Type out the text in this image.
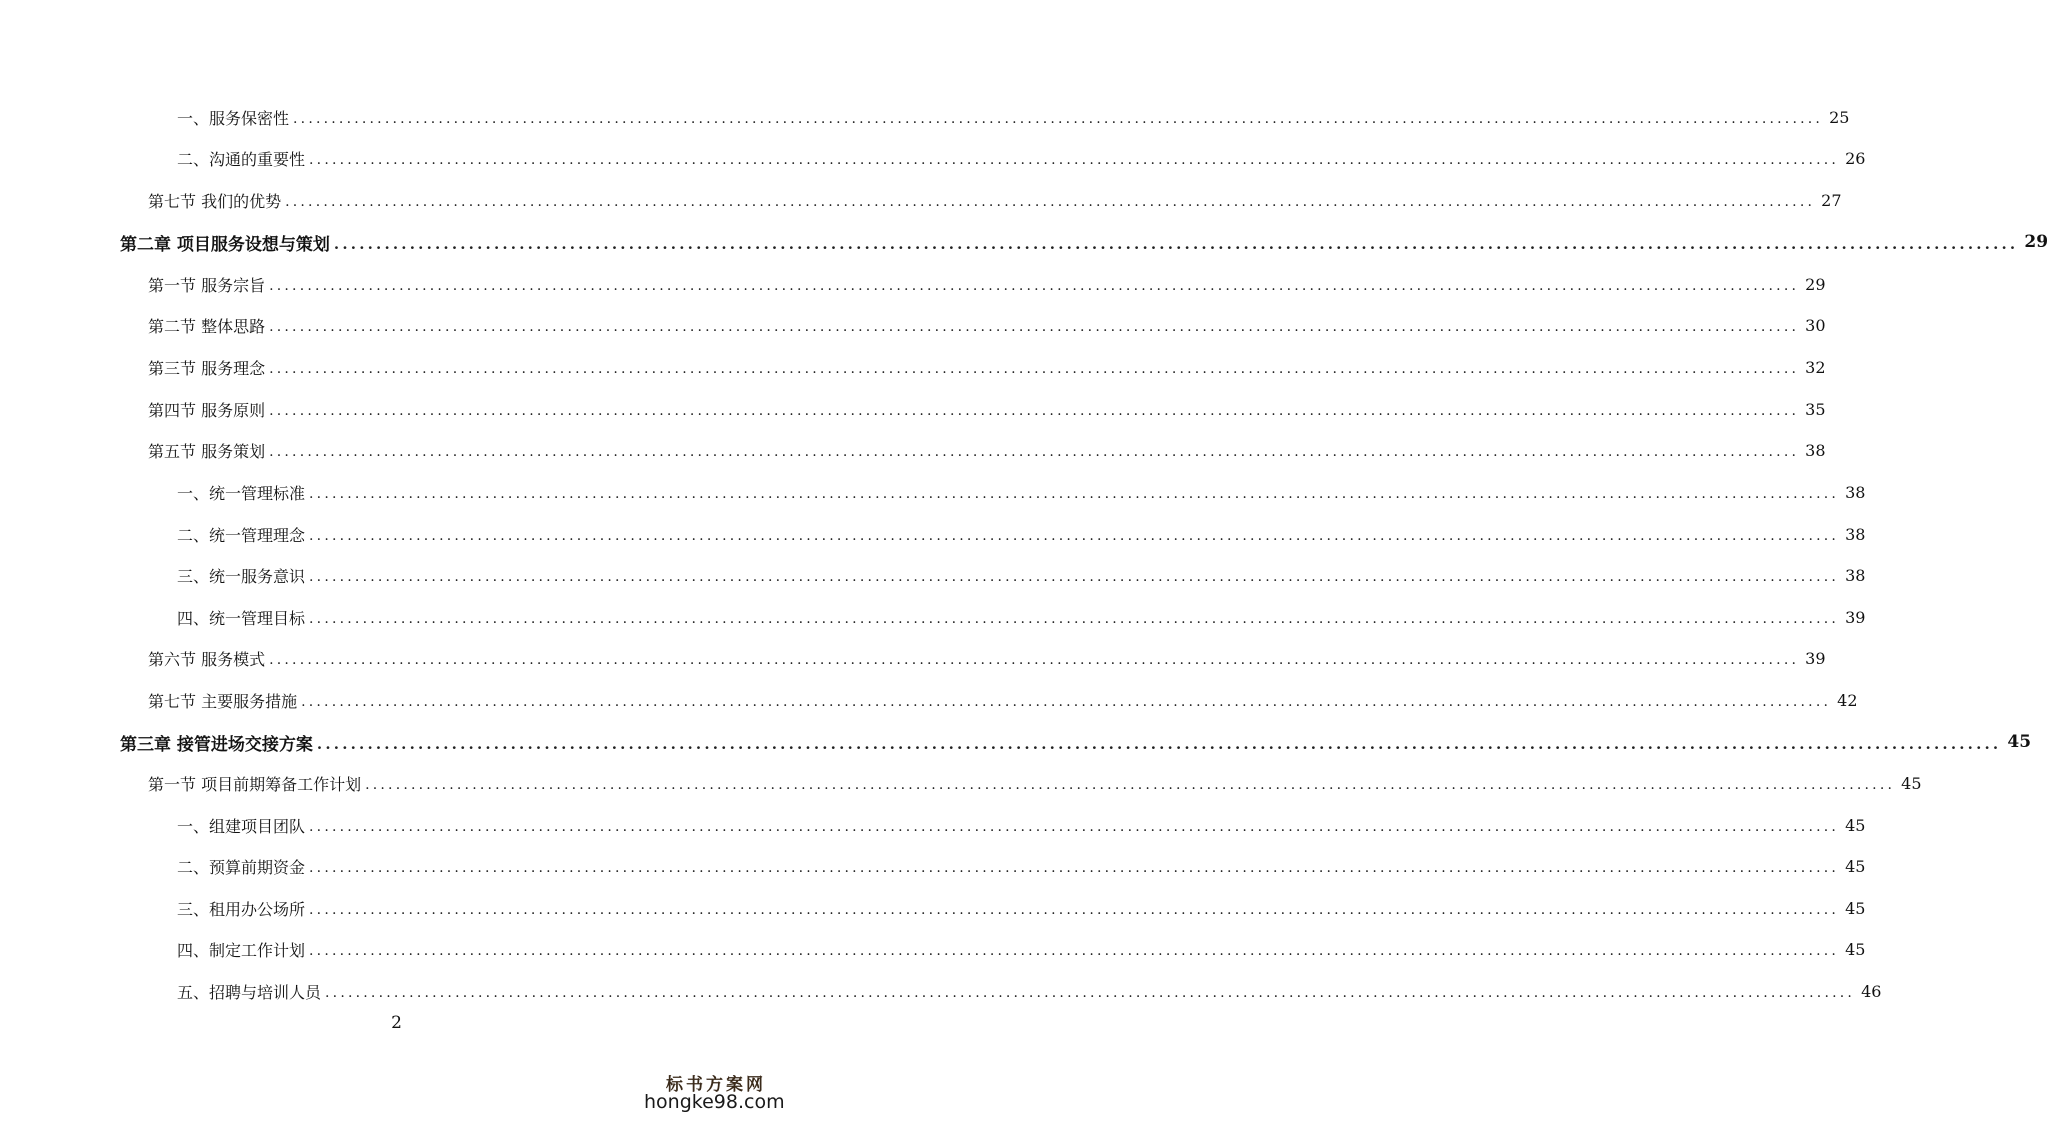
一、服务保密性 ........................................................................................................................................................................................................ 25
二、沟通的重要性 ........................................................................................................................................................................................................ 26
第七节 我们的优势 ........................................................................................................................................................................................................ 27
第二章 项目服务设想与策划 ........................................................................................................................................................................................................ 29
第一节 服务宗旨 ........................................................................................................................................................................................................ 29
第二节 整体思路 ........................................................................................................................................................................................................ 30
第三节 服务理念 ........................................................................................................................................................................................................ 32
第四节 服务原则 ........................................................................................................................................................................................................ 35
第五节 服务策划 ........................................................................................................................................................................................................ 38
一、统一管理标准 ........................................................................................................................................................................................................ 38
二、统一管理理念 ........................................................................................................................................................................................................ 38
三、统一服务意识 ........................................................................................................................................................................................................ 38
四、统一管理目标 ........................................................................................................................................................................................................ 39
第六节 服务模式 ........................................................................................................................................................................................................ 39
第七节 主要服务措施 ........................................................................................................................................................................................................ 42
第三章 接管进场交接方案 ........................................................................................................................................................................................................ 45
第一节 项目前期筹备工作计划 ........................................................................................................................................................................................................ 45
一、组建项目团队 ........................................................................................................................................................................................................ 45
二、预算前期资金 ........................................................................................................................................................................................................ 45
三、租用办公场所 ........................................................................................................................................................................................................ 45
四、制定工作计划 ........................................................................................................................................................................................................ 45
五、招聘与培训人员 ........................................................................................................................................................................................................ 46
2
标书方案网
hongke98.com
